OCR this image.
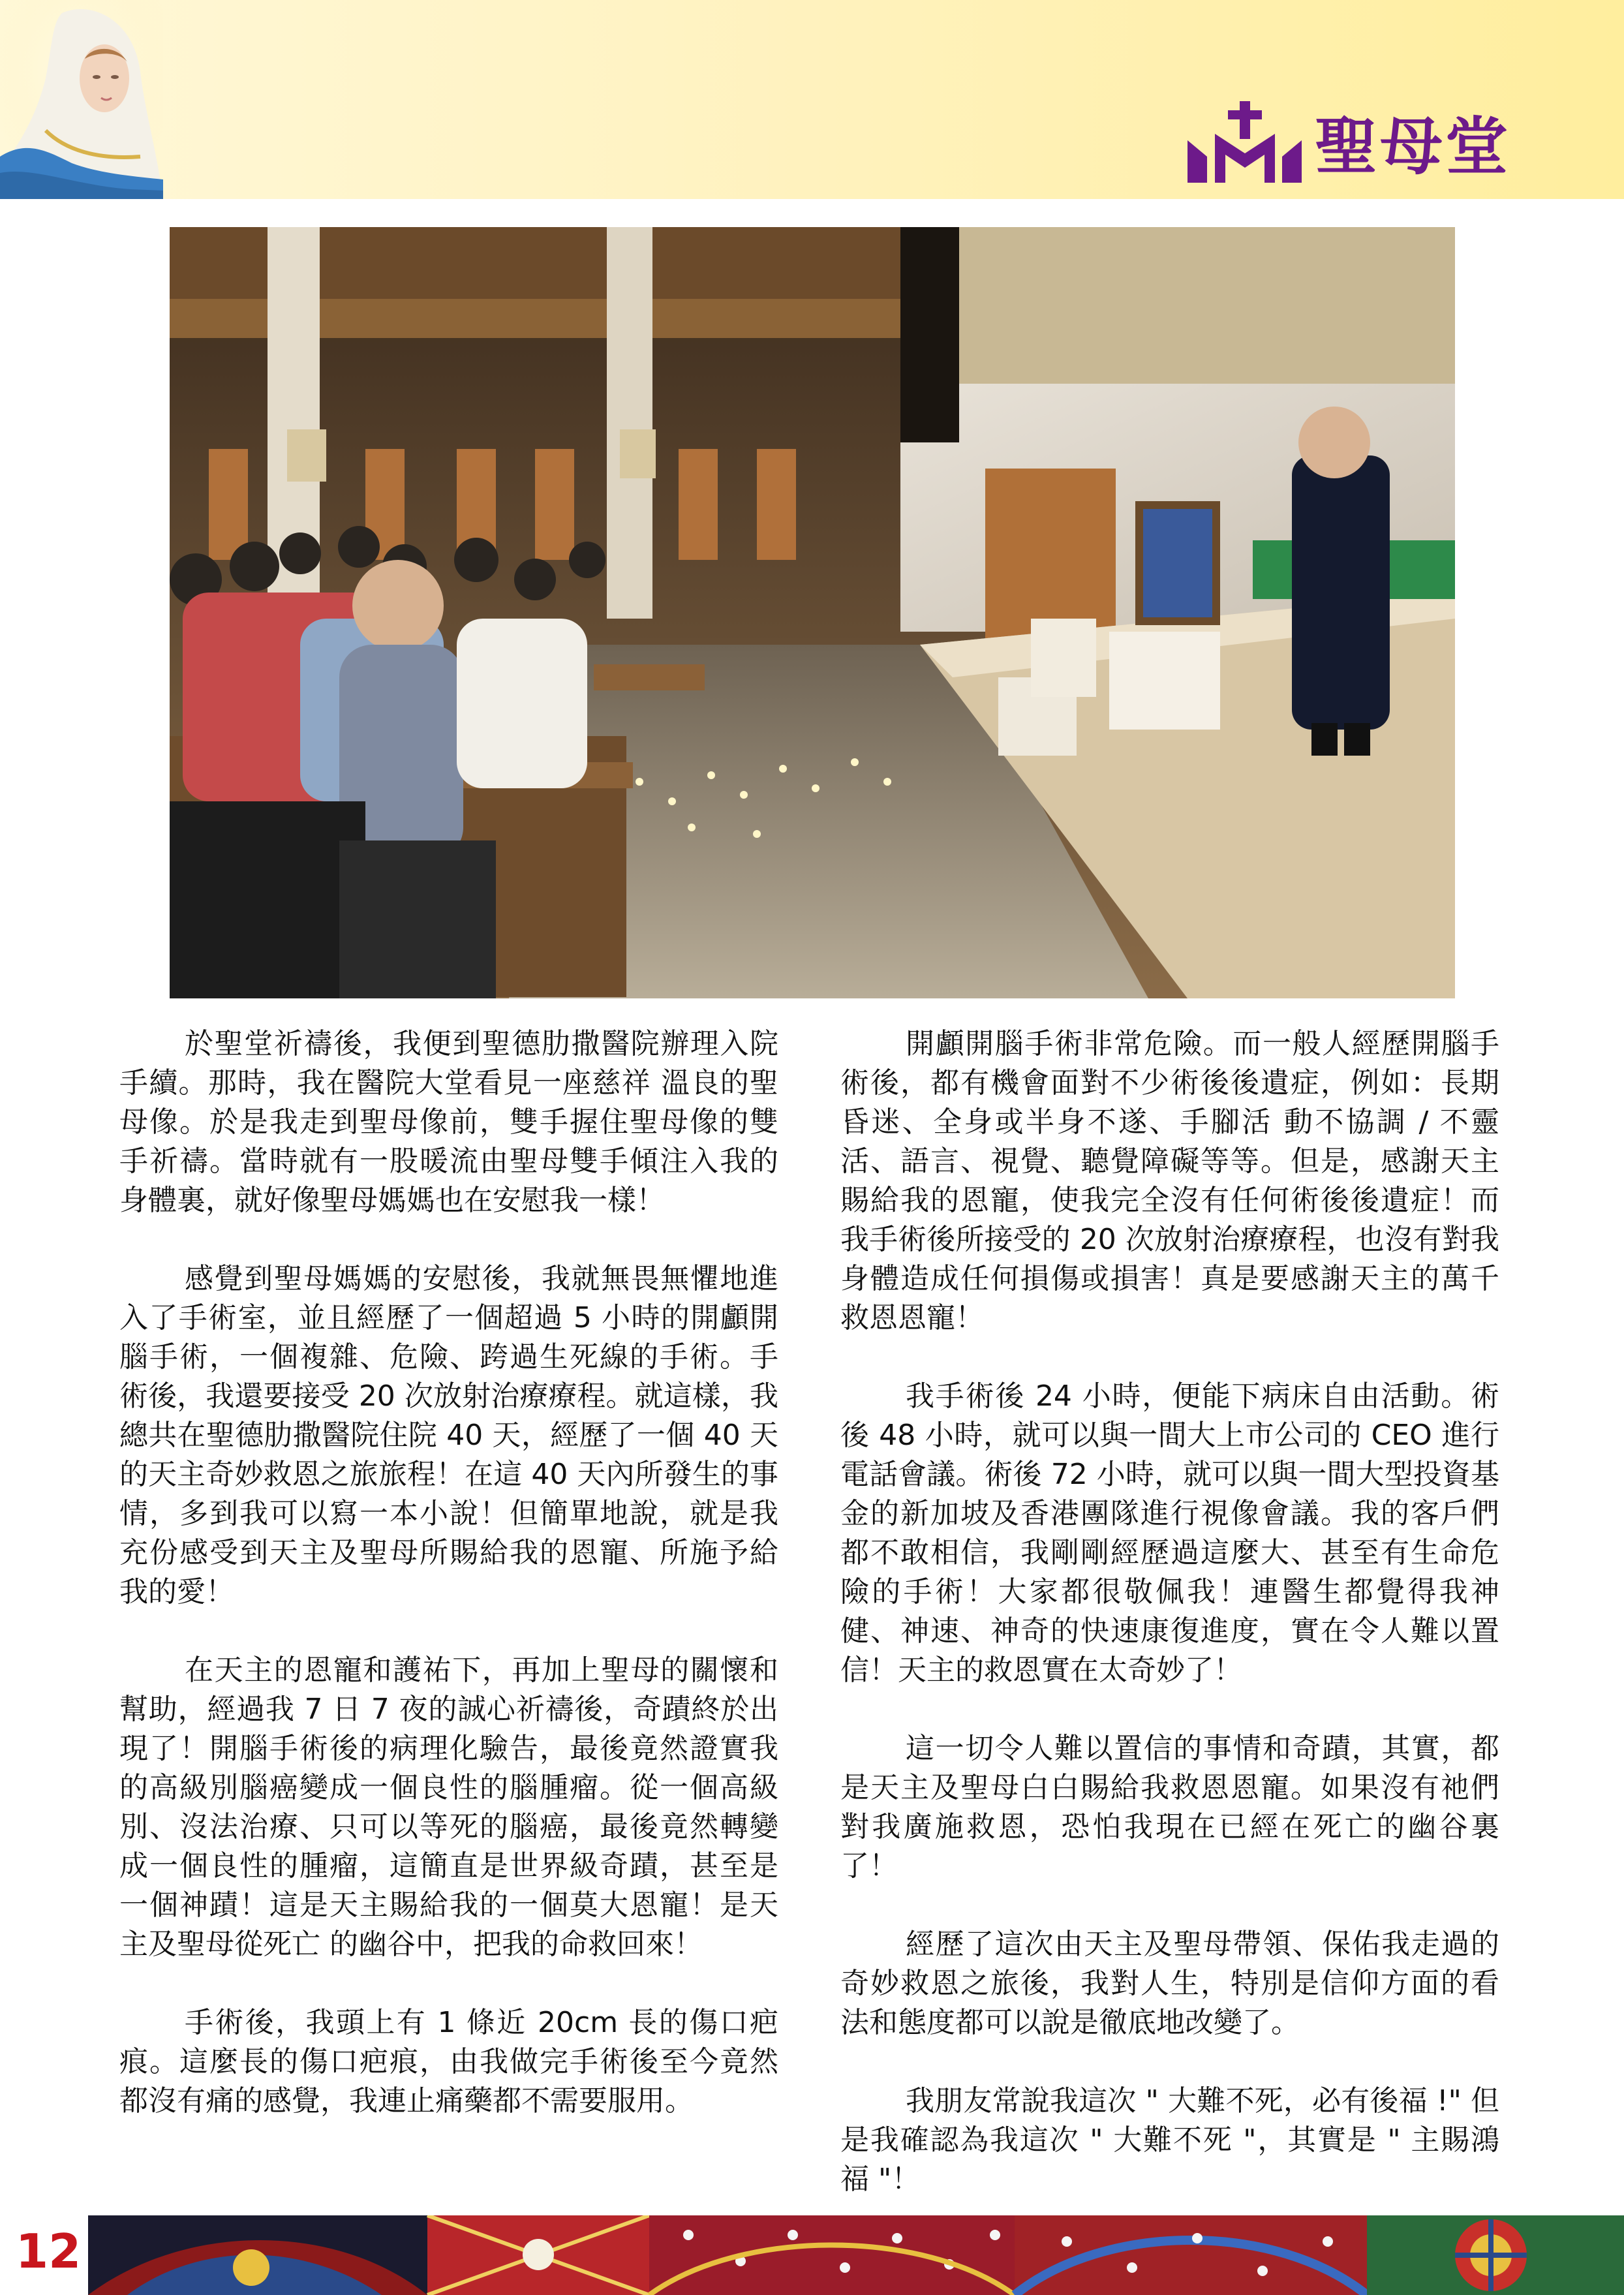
聖母堂

於聖堂祈禱後，我便到聖德肋撒醫院辦理入院手續。那時，我在醫院大堂看見一座慈祥 溫良的聖母像。於是我走到聖母像前，雙手握住聖母像的雙手祈禱。當時就有一股暖流由聖母雙手傾注入我的身體裏，就好像聖母媽媽也在安慰我一樣！

感覺到聖母媽媽的安慰後，我就無畏無懼地進入了手術室，並且經歷了一個超過 5 小時的開顱開腦手術，一個複雜、危險、跨過生死線的手術。手術後，我還要接受 20 次放射治療療程。就這樣，我總共在聖德肋撒醫院住院 40 天，經歷了一個 40 天的天主奇妙救恩之旅旅程！在這 40 天內所發生的事情，多到我可以寫一本小說！但簡單地說，就是我充份感受到天主及聖母所賜給我的恩寵、所施予給我的愛！

在天主的恩寵和護祐下，再加上聖母的關懷和幫助，經過我 7 日 7 夜的誠心祈禱後，奇蹟終於出現了！開腦手術後的病理化驗告，最後竟然證實我的高級別腦癌變成一個良性的腦腫瘤。從一個高級別、沒法治療、只可以等死的腦癌，最後竟然轉變成一個良性的腫瘤，這簡直是世界級奇蹟，甚至是一個神蹟！這是天主賜給我的一個莫大恩寵！是天主及聖母從死亡 的幽谷中，把我的命救回來！

手術後，我頭上有 1 條近 20cm 長的傷口疤痕。這麼長的傷口疤痕，由我做完手術後至今竟然都沒有痛的感覺，我連止痛藥都不需要服用。

開顱開腦手術非常危險。而一般人經歷開腦手術後，都有機會面對不少術後後遺症，例如：長期昏迷、全身或半身不遂、手腳活 動不協調 / 不靈活、語言、視覺、聽覺障礙等等。但是，感謝天主賜給我的恩寵，使我完全沒有任何術後後遺症！而我手術後所接受的 20 次放射治療療程，也沒有對我身體造成任何損傷或損害！真是要感謝天主的萬千救恩恩寵！

我手術後 24 小時，便能下病床自由活動。術後 48 小時，就可以與一間大上市公司的 CEO 進行電話會議。術後 72 小時，就可以與一間大型投資基金的新加坡及香港團隊進行視像會議。我的客戶們都不敢相信，我剛剛經歷過這麼大、甚至有生命危險的手術！大家都很敬佩我！連醫生都覺得我神健、神速、神奇的快速康復進度，實在令人難以置信！天主的救恩實在太奇妙了！

這一切令人難以置信的事情和奇蹟，其實，都是天主及聖母白白賜給我救恩恩寵。如果沒有祂們對我廣施救恩，恐怕我現在已經在死亡的幽谷裏了！

經歷了這次由天主及聖母帶領、保佑我走過的奇妙救恩之旅後，我對人生，特別是信仰方面的看法和態度都可以說是徹底地改變了。

我朋友常說我這次 " 大難不死，必有後福 !" 但是我確認為我這次 " 大難不死 "，其實是 " 主賜鴻福 "！

12
